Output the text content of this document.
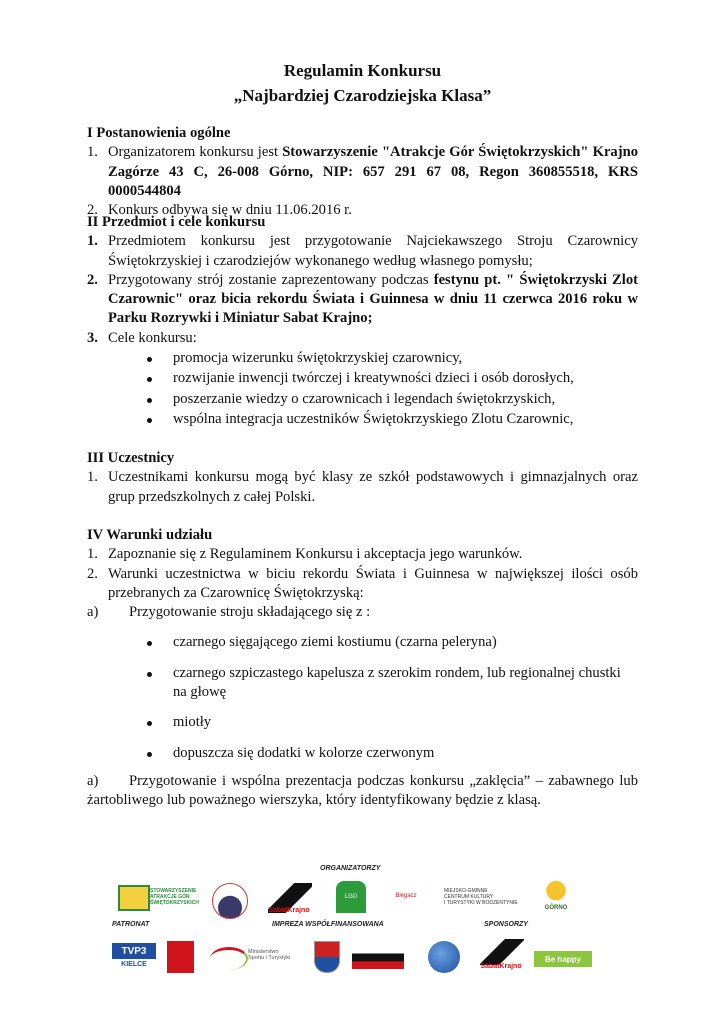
Regulamin Konkursu
„Najbardziej Czarodziejska Klasa”
I Postanowienia ogólne
1. Organizatorem konkursu jest Stowarzyszenie "Atrakcje Gór Świętokrzyskich" Krajno Zagórze 43 C, 26-008 Górno, NIP: 657 291 67 08, Regon 360855518, KRS 0000544804
2. Konkurs odbywa się w dniu 11.06.2016 r.
II Przedmiot i cele konkursu
1. Przedmiotem konkursu jest przygotowanie Najciekawszego Stroju Czarownicy Świętokrzyskiej i czarodziejów wykonanego według własnego pomysłu;
2. Przygotowany strój zostanie zaprezentowany podczas festynu pt. " Świętokrzyski Zlot Czarownic" oraz bicia rekordu Świata i Guinnesa w dniu 11 czerwca 2016 roku w Parku Rozrywki i Miniatur Sabat Krajno;
3. Cele konkursu:
promocja wizerunku świętokrzyskiej czarownicy,
rozwijanie inwencji twórczej i kreatywności dzieci i osób dorosłych,
poszerzanie wiedzy o czarownicach i legendach świętokrzyskich,
wspólna integracja uczestników Świętokrzyskiego Zlotu Czarownic,
III Uczestnicy
1. Uczestnikami konkursu mogą być klasy ze szkół podstawowych i gimnazjalnych oraz grup przedszkolnych z całej Polski.
IV Warunki udziału
1. Zapoznanie się z Regulaminem Konkursu i akceptacja jego warunków.
2. Warunki uczestnictwa w biciu rekordu Świata i Guinnesa w największej ilości osób przebranych za Czarownicę Świętokrzyską:
a) Przygotowanie stroju składającego się z :
czarnego sięgającego ziemi kostiumu (czarna peleryna)
czarnego szpiczastego kapelusza z szerokim rondem, lub regionalnej chustki na głowę
miotły
dopuszcza się dodatki w kolorze czerwonym
a) Przygotowanie i wspólna prezentacja podczas konkursu „zaklęcia” – zabawnego lub żartobliwego lub poważnego wierszyka, który identyfikowany będzie z klasą.
ORGANIZATORZY
PATRONAT	IMPREZA WSPÓŁFINANSOWANA	SPONSORZY
STOWARZYSZENIE
ATRAKCJE GÓR
ŚWIĘTOKRZYSKICH
SabatKrajno
LGD	Biegacz
MIEJSKO-GMINNE
CENTRUM KULTURY
I TURYSTYKI W BODZENTYNIE
GÓRNO
TVP3
KIELCE
Ministerstwo
Sportu i Turystyki
SabatKrajno
Be happy
